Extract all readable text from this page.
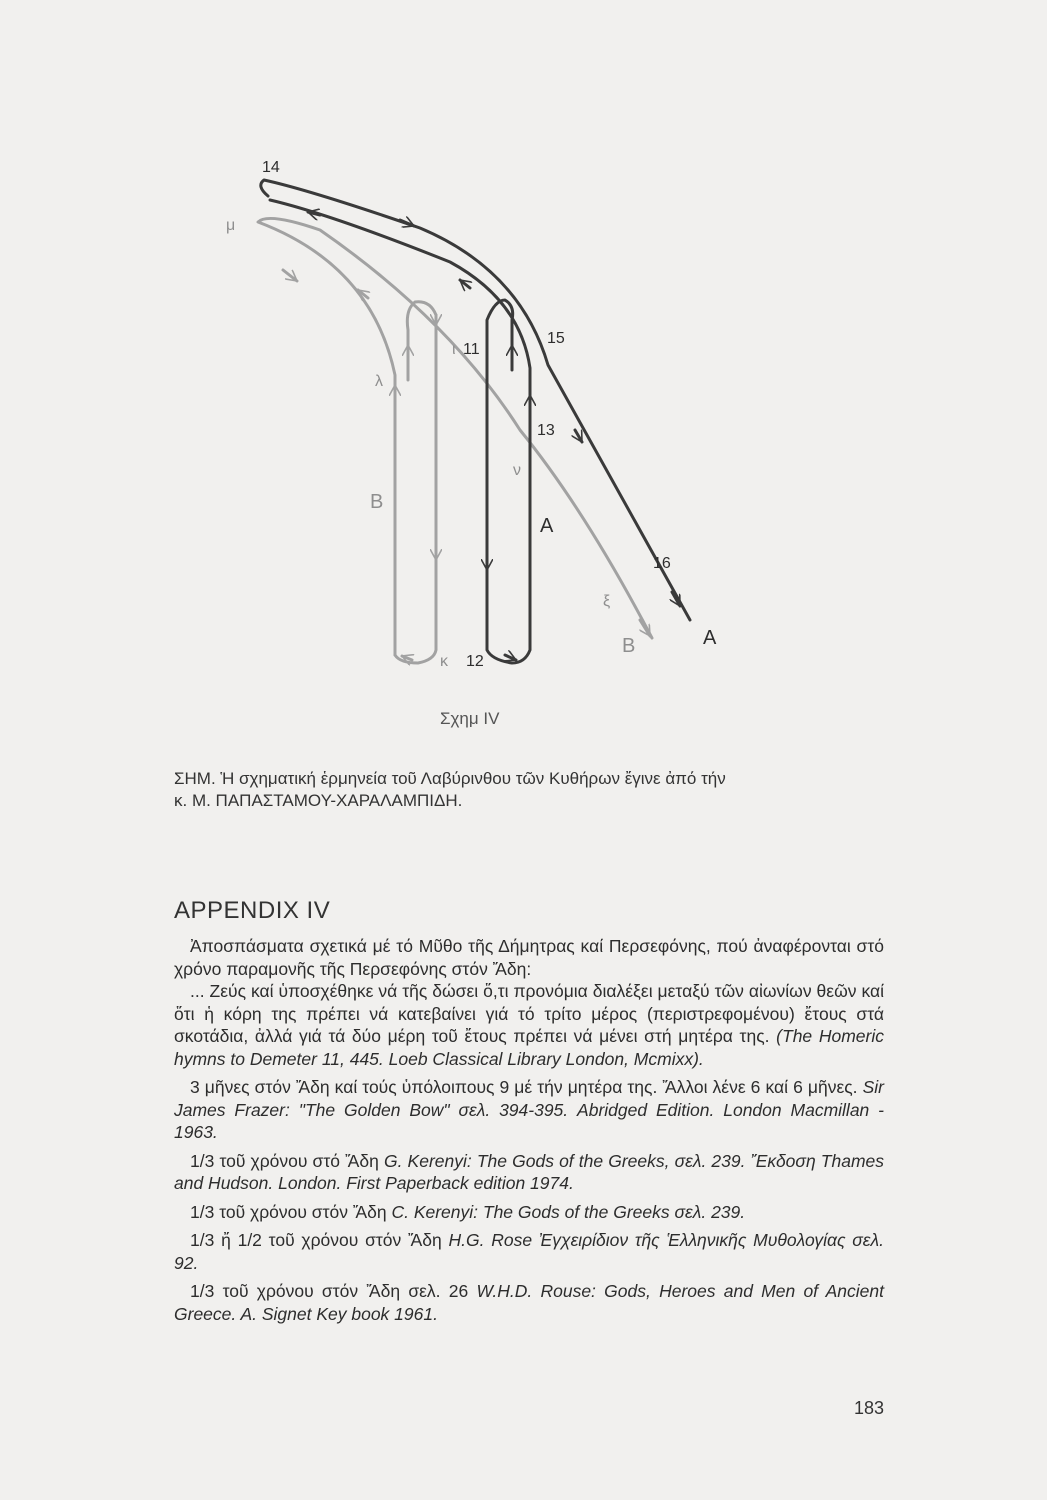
14
μ
ι 11
15
λ
13
ν
B
A
16
ξ
A
B
κ 12
Σχημ IV

ΣΗΜ. Ἡ σχηματική ἑρμηνεία τοῦ Λαβύρινθου τῶν Κυθήρων ἔγινε ἀπό τήν

κ. Μ. ΠΑΠΑΣΤΑΜΟΥ-ΧΑΡΑΛΑΜΠΙΔΗ.

APPENDIX IV

Ἀποσπάσματα σχετικά μέ τό Μῦθο τῆς Δήμητρας καί Περσεφόνης, πού ἀναφέρονται στό χρόνο παραμονῆς τῆς Περσεφόνης στόν Ἄδη:

... Ζεύς καί ὑποσχέθηκε νά τῆς δώσει ὅ,τι προνόμια διαλέξει μεταξύ τῶν αἰωνίων θεῶν καί ὅτι ἡ κόρη της πρέπει νά κατεβαίνει γιά τό τρίτο μέρος (περιστρεφομένου) ἔτους στά σκοτάδια, ἀλλά γιά τά δύο μέρη τοῦ ἔτους πρέπει νά μένει στή μητέρα της. (The Homeric hymns to Demeter 11, 445. Loeb Classical Library London, Mcmixx).

3 μῆνες στόν Ἄδη καί τούς ὑπόλοιπους 9 μέ τήν μητέρα της. Ἄλλοι λένε 6 καί 6 μῆνες. Sir James Frazer: "The Golden Bow" σελ. 394-395. Abridged Edition. London Macmillan - 1963.

1/3 τοῦ χρόνου στό Ἄδη G. Kerenyi: The Gods of the Greeks, σελ. 239. Ἔκδοση Thames and Hudson. London. First Paperback edition 1974.

1/3 τοῦ χρόνου στόν Ἄδη C. Kerenyi: The Gods of the Greeks σελ. 239.

1/3 ἤ 1/2 τοῦ χρόνου στόν Ἄδη H.G. Rose Ἐγχειρίδιον τῆς Ἑλληνικῆς Μυθολογίας σελ. 92.

1/3 τοῦ χρόνου στόν Ἄδη σελ. 26 W.H.D. Rouse: Gods, Heroes and Men of Ancient Greece. A. Signet Key book 1961.

183
